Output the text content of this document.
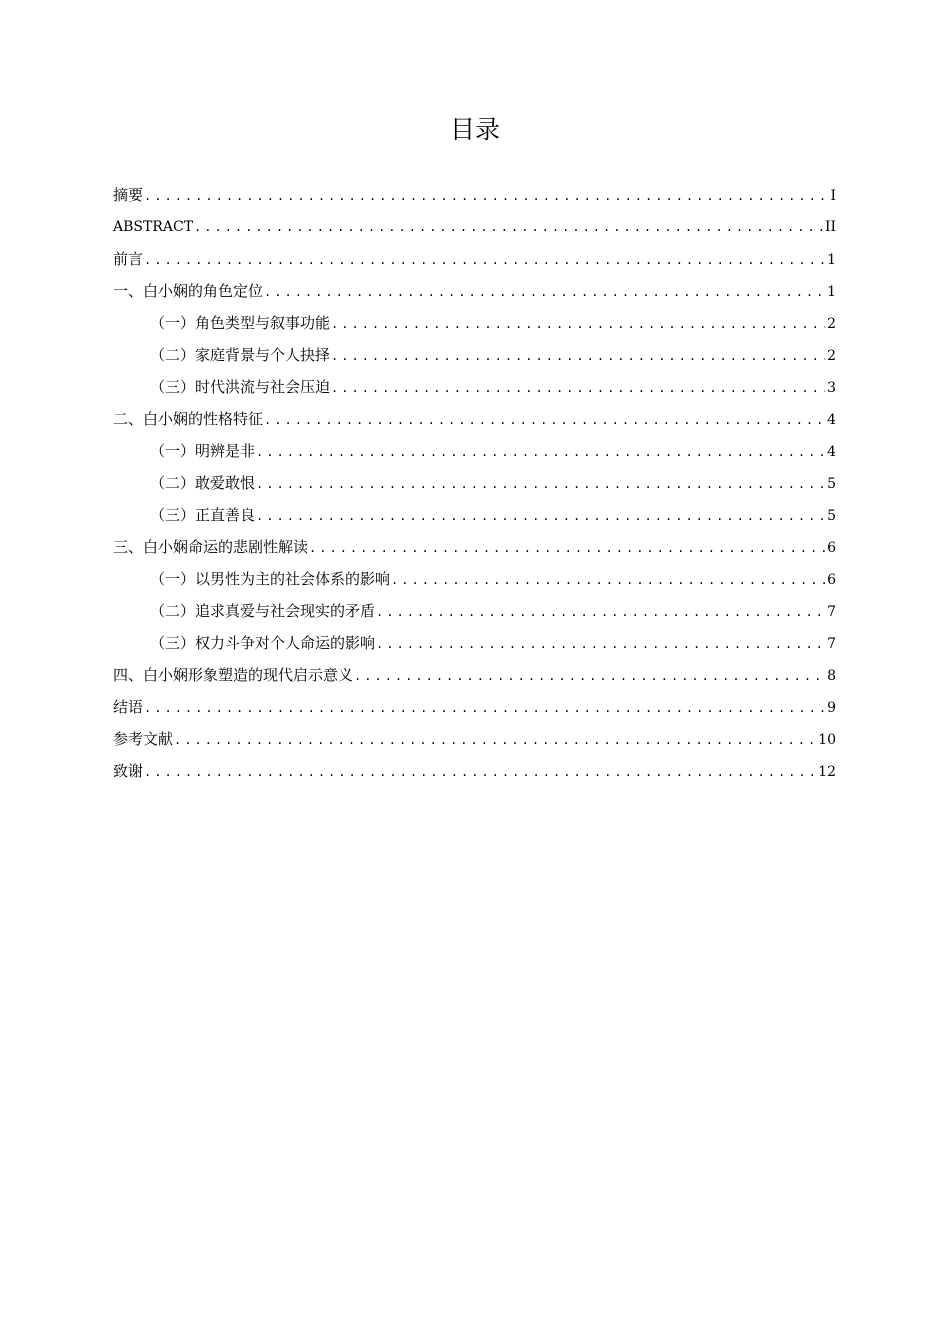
目录
摘要 .....	I
ABSTRACT .....	II
前言 .....	1
一、白小娴的角色定位 .....	1
（一）角色类型与叙事功能 .....	2
（二）家庭背景与个人抉择 .....	2
（三）时代洪流与社会压迫 .....	3
二、白小娴的性格特征 .....	4
（一）明辨是非 .....	4
（二）敢爱敢恨 .....	5
（三）正直善良 .....	5
三、白小娴命运的悲剧性解读 .....	6
（一）以男性为主的社会体系的影响 .....	6
（二）追求真爱与社会现实的矛盾 .....	7
（三）权力斗争对个人命运的影响 .....	7
四、白小娴形象塑造的现代启示意义 .....	8
结语 .....	9
参考文献 .....	10
致谢 .....	12
